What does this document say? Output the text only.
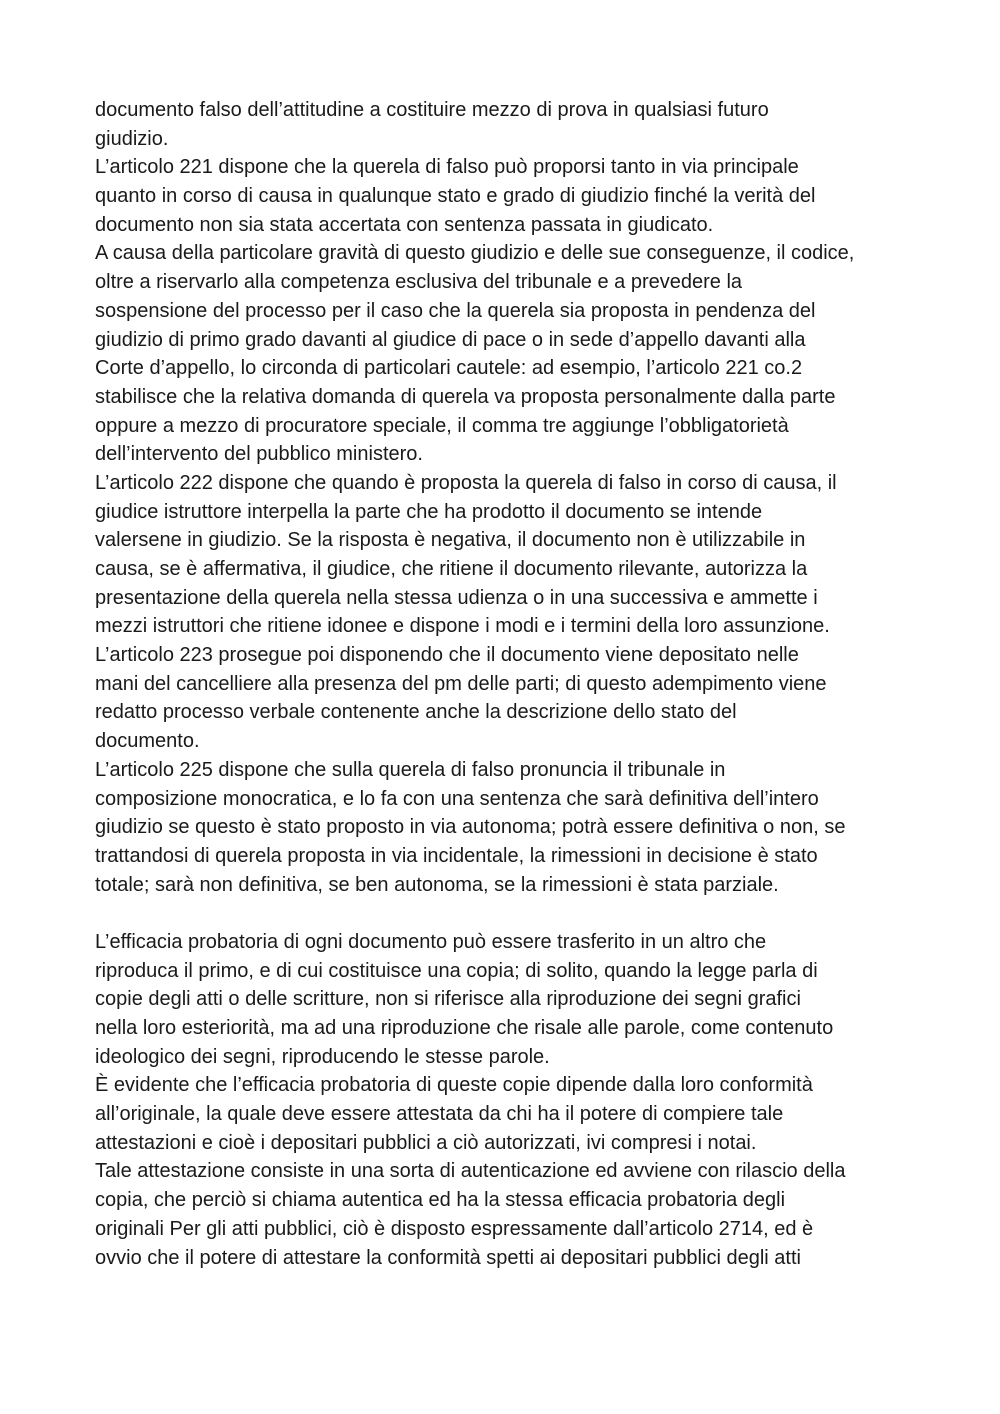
documento falso dell’attitudine a costituire mezzo di prova in qualsiasi futuro
giudizio.
L’articolo 221 dispone che la querela di falso può proporsi tanto in via principale
quanto in corso di causa in qualunque stato e grado di giudizio finché la verità del
documento non sia stata accertata con sentenza passata in giudicato.
A causa della particolare gravità di questo giudizio e delle sue conseguenze, il codice,
oltre a riservarlo alla competenza esclusiva del tribunale e a prevedere la
sospensione del processo per il caso che la querela sia proposta in pendenza del
giudizio di primo grado davanti al giudice di pace o in sede d’appello davanti alla
Corte d’appello, lo circonda di particolari cautele: ad esempio, l’articolo 221 co.2
stabilisce che la relativa domanda di querela va proposta personalmente dalla parte
oppure a mezzo di procuratore speciale, il comma tre aggiunge l’obbligatorietà
dell’intervento del pubblico ministero.
L’articolo 222 dispone che quando è proposta la querela di falso in corso di causa, il
giudice istruttore interpella la parte che ha prodotto il documento se intende
valersene in giudizio. Se la risposta è negativa, il documento non è utilizzabile in
causa, se è affermativa, il giudice, che ritiene il documento rilevante, autorizza la
presentazione della querela nella stessa udienza o in una successiva e ammette i
mezzi istruttori che ritiene idonee e dispone i modi e i termini della loro assunzione.
L’articolo 223 prosegue poi disponendo che il documento viene depositato nelle
mani del cancelliere alla presenza del pm delle parti; di questo adempimento viene
redatto processo verbale contenente anche la descrizione dello stato del
documento.
L’articolo 225 dispone che sulla querela di falso pronuncia il tribunale in
composizione monocratica, e lo fa con una sentenza che sarà definitiva dell’intero
giudizio se questo è stato proposto in via autonoma; potrà essere definitiva o non, se
trattandosi di querela proposta in via incidentale, la rimessioni in decisione è stato
totale; sarà non definitiva, se ben autonoma, se la rimessioni è stata parziale.
L’efficacia probatoria di ogni documento può essere trasferito in un altro che
riproduca il primo, e di cui costituisce una copia; di solito, quando la legge parla di
copie degli atti o delle scritture, non si riferisce alla riproduzione dei segni grafici
nella loro esteriorità, ma ad una riproduzione che risale alle parole, come contenuto
ideologico dei segni, riproducendo le stesse parole.
È evidente che l’efficacia probatoria di queste copie dipende dalla loro conformità
all’originale, la quale deve essere attestata da chi ha il potere di compiere tale
attestazioni e cioè i depositari pubblici a ciò autorizzati, ivi compresi i notai.
Tale attestazione consiste in una sorta di autenticazione ed avviene con rilascio della
copia, che perciò si chiama autentica ed ha la stessa efficacia probatoria degli
originali Per gli atti pubblici, ciò è disposto espressamente dall’articolo 2714, ed è
ovvio che il potere di attestare la conformità spetti ai depositari pubblici degli atti
